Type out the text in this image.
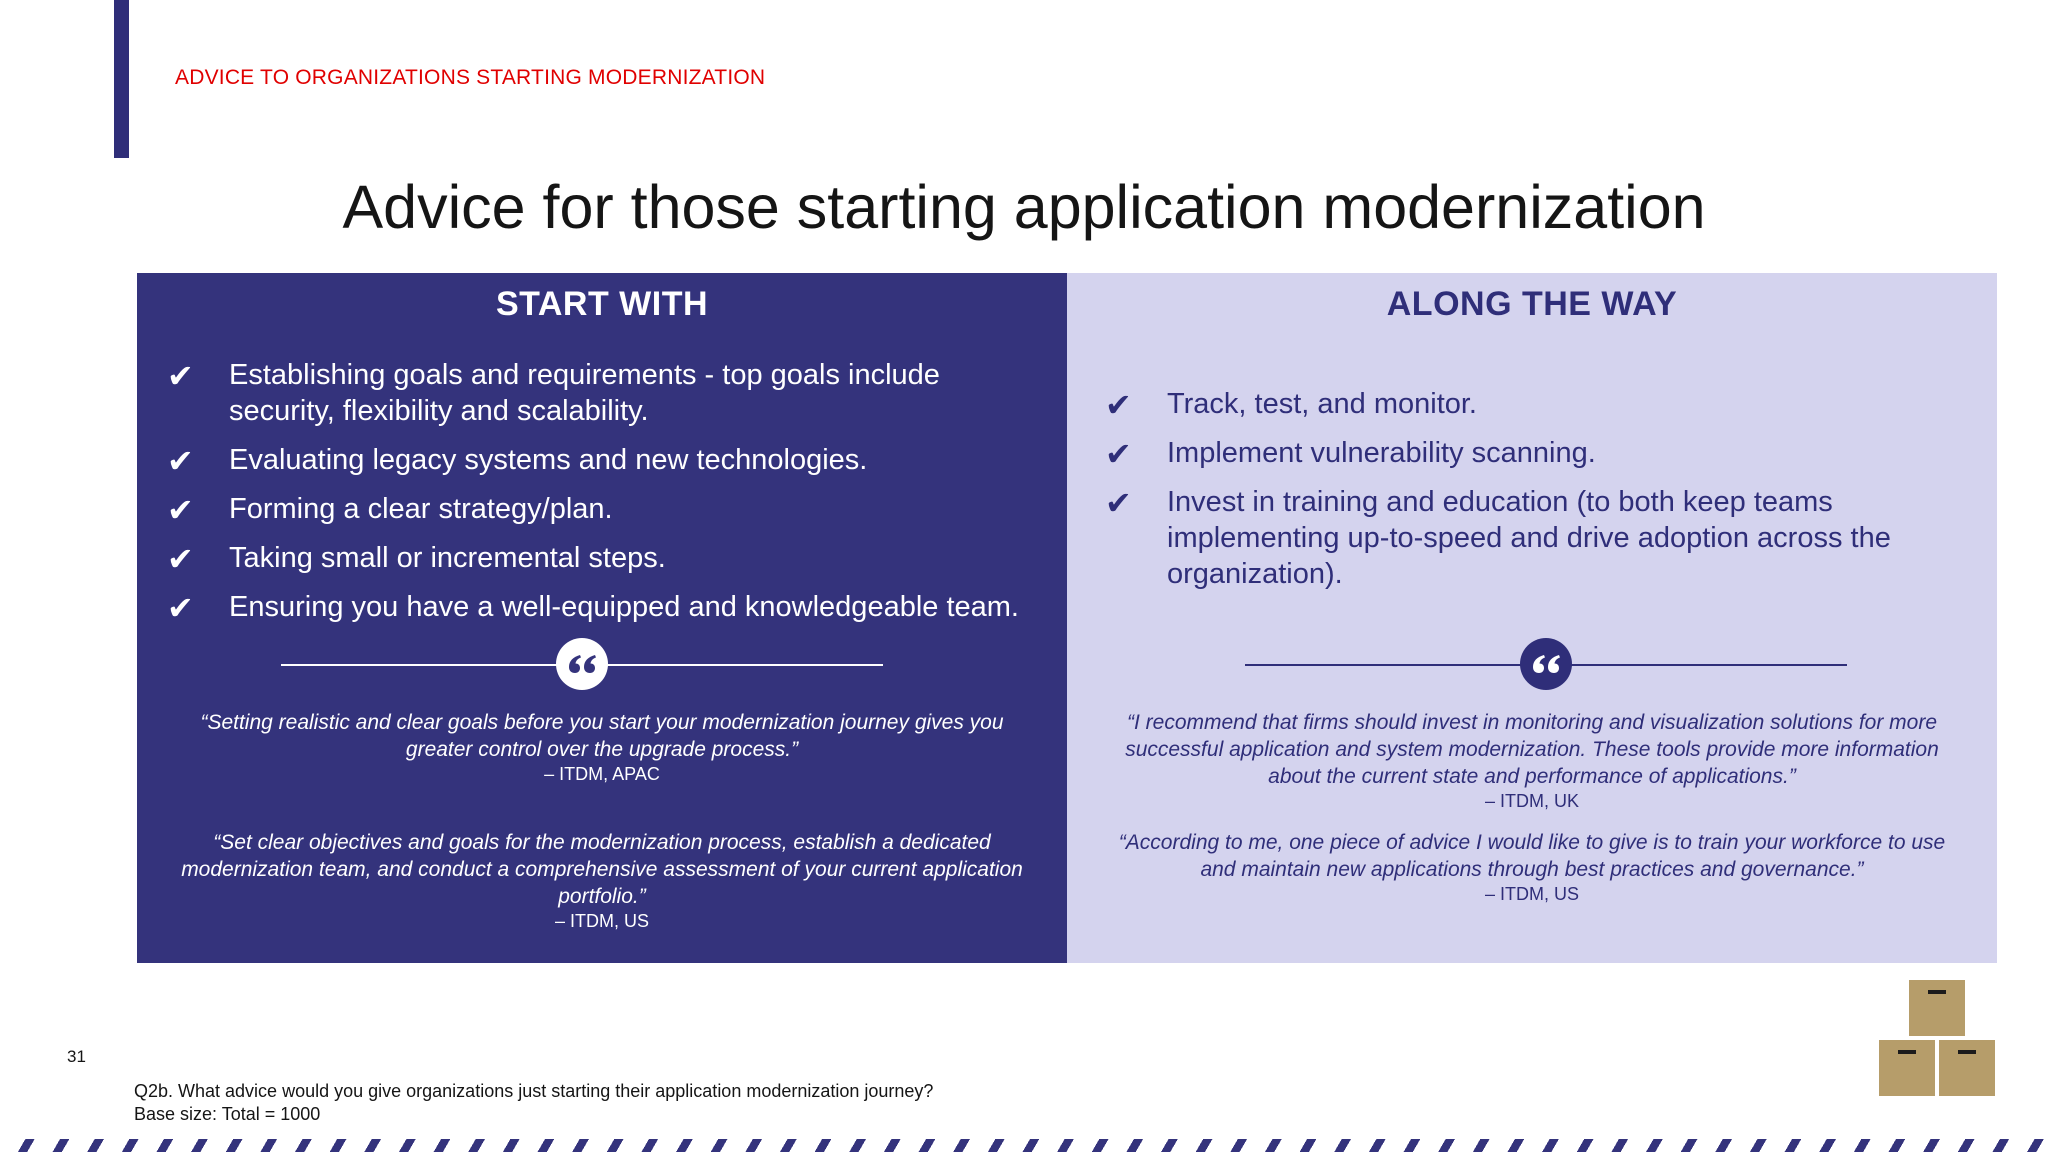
ADVICE TO ORGANIZATIONS STARTING MODERNIZATION
Advice for those starting application modernization
START WITH
✔ Establishing goals and requirements - top goals include security, flexibility and scalability.
✔ Evaluating legacy systems and new technologies.
✔ Forming a clear strategy/plan.
✔ Taking small or incremental steps.
✔ Ensuring you have a well-equipped and knowledgeable team.
“Setting realistic and clear goals before you start your modernization journey gives you greater control over the upgrade process.”
– ITDM, APAC
“Set clear objectives and goals for the modernization process, establish a dedicated modernization team, and conduct a comprehensive assessment of your current application portfolio.”
– ITDM, US
ALONG THE WAY
✔ Track, test, and monitor.
✔ Implement vulnerability scanning.
✔ Invest in training and education (to both keep teams implementing up-to-speed and drive adoption across the organization).
“I recommend that firms should invest in monitoring and visualization solutions for more successful application and system modernization. These tools provide more information about the current state and performance of applications.”
– ITDM, UK
“According to me, one piece of advice I would like to give is to train your workforce to use and maintain new applications through best practices and governance.”
– ITDM, US
31
Q2b. What advice would you give organizations just starting their application modernization journey?
Base size: Total = 1000
